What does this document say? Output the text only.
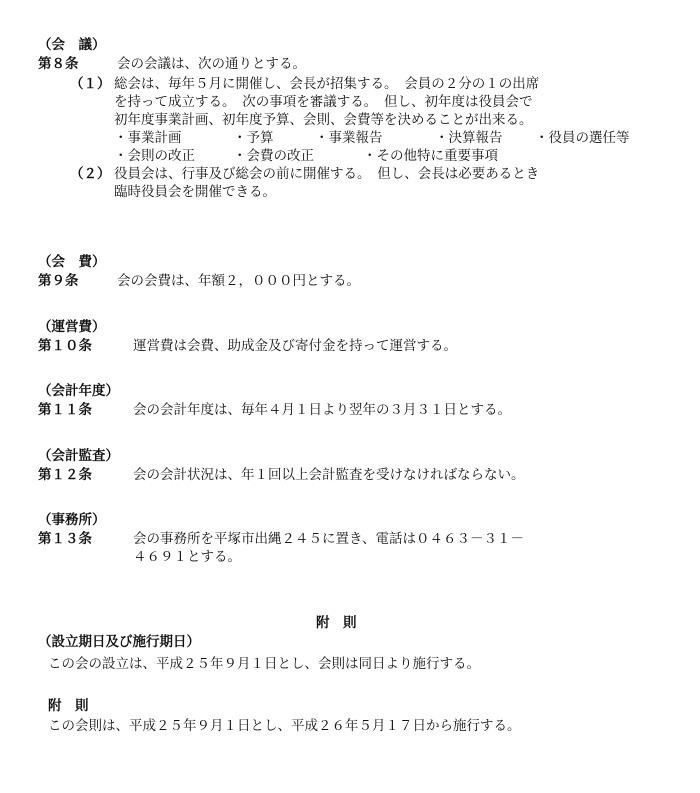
（会　議）
第８条	会の会議は、次の通りとする。
（１） 総会は、毎年５月に開催し、会長が招集する。　会員の２分の１の出席
を持って成立する。　次の事項を審議する。　但し、初年度は役員会で
初年度事業計画、初年度予算、会則、会費等を決めることが出来る。
・事業計画	・予算	・事業報告	・決算報告 ・役員の選任等
・会則の改正	・会費の改正	・その他特に重要事項
（２） 役員会は、行事及び総会の前に開催する。　但し、会長は必要あるとき
臨時役員会を開催できる。
（会　費）
第９条	会の会費は、年額２，０００円とする。
（運営費）
第１０条	運営費は会費、助成金及び寄付金を持って運営する。
（会計年度）
第１１条	会の会計年度は、毎年４月１日より翌年の３月３１日とする。
（会計監査）
第１２条	会の会計状況は、年１回以上会計監査を受けなければならない。
（事務所）
第１３条	会の事務所を平塚市出縄２４５に置き、電話は０４６３－３１－
４６９１とする。
附　則
（設立期日及び施行期日）
この会の設立は、平成２５年９月１日とし、会則は同日より施行する。
附　則
この会則は、平成２５年９月１日とし、平成２６年５月１７日から施行する。
